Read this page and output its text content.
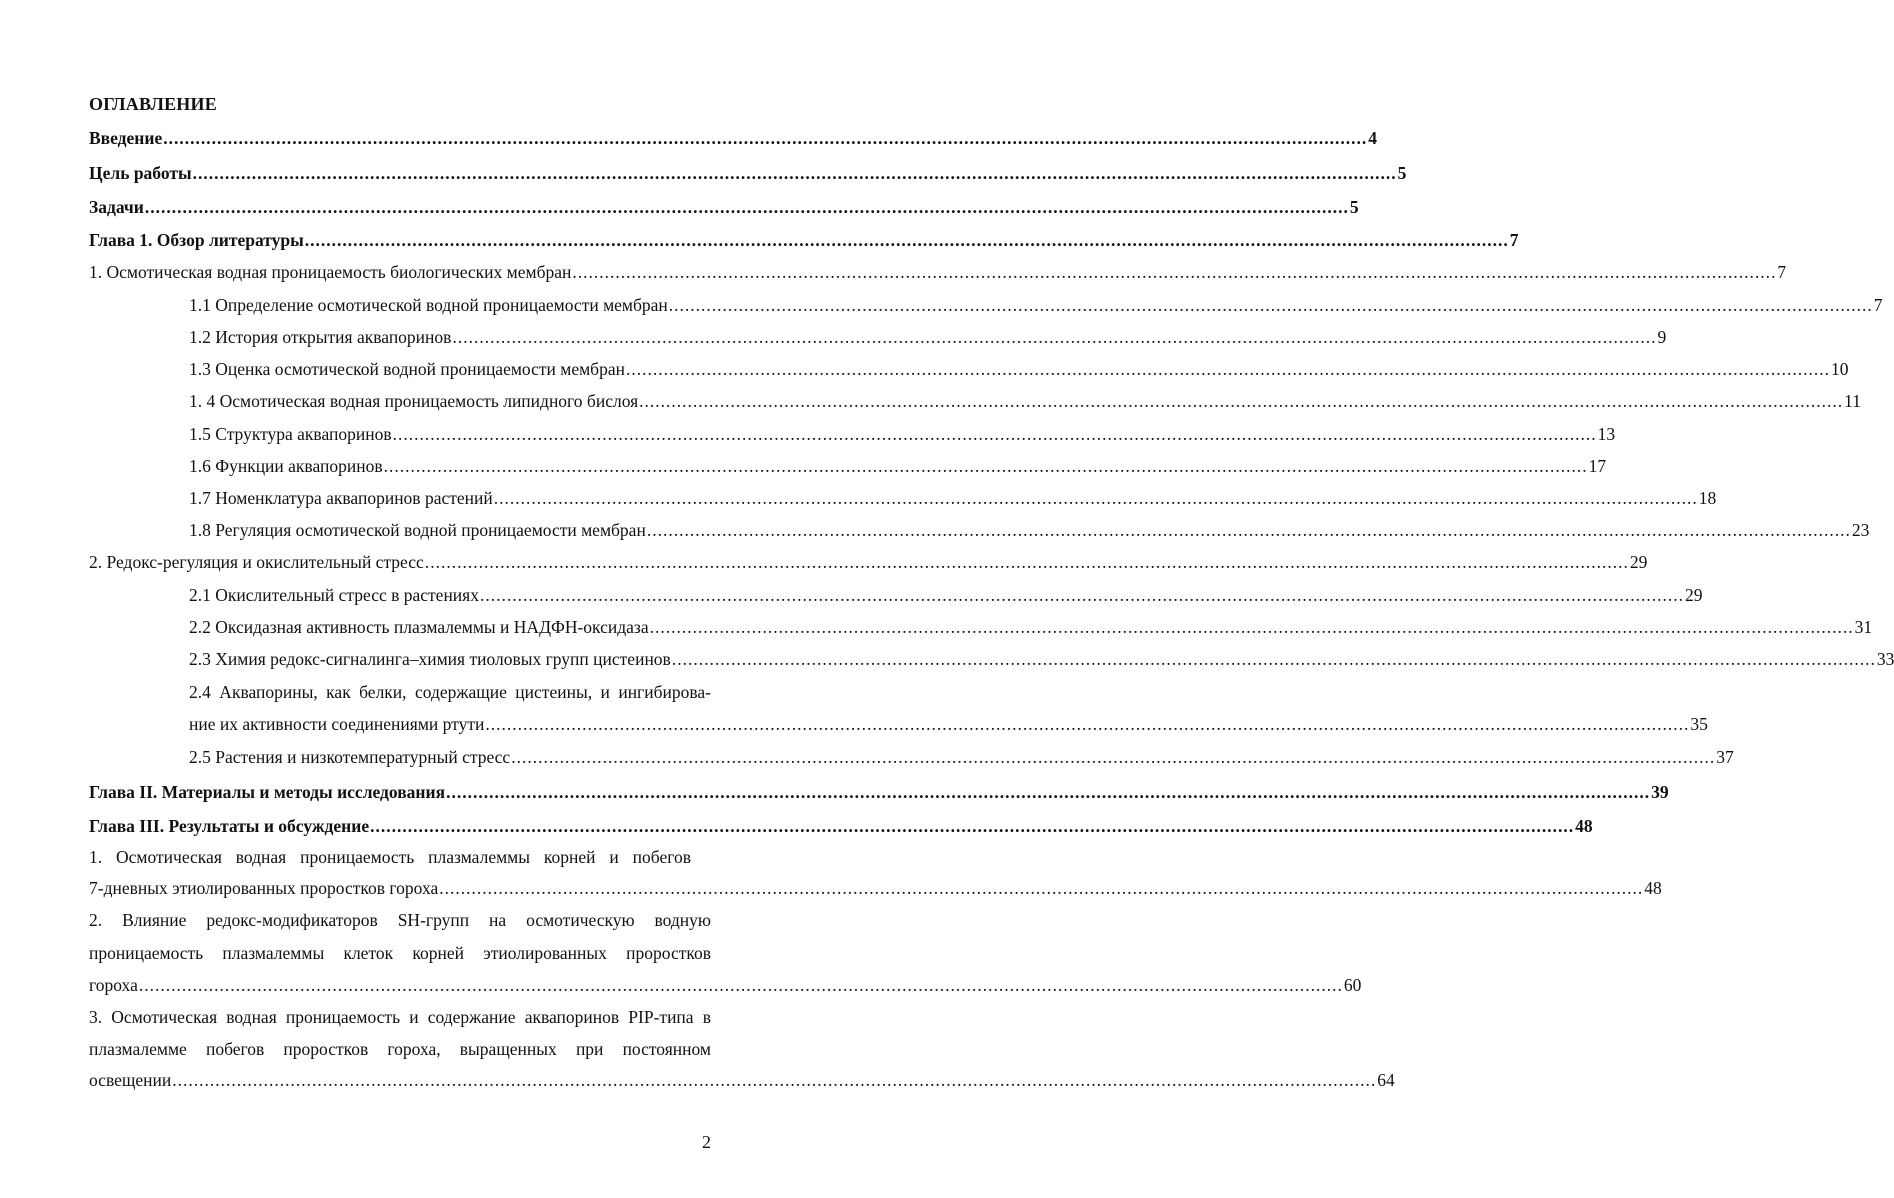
ОГЛАВЛЕНИЕ
Введение ................................................................................................................................................................................................................................ 4
Цель работы ................................................................................................................................................................................................................................ 5
Задачи ................................................................................................................................................................................................................................ 5
Глава 1. Обзор литературы ................................................................................................................................................................................................................................ 7
1. Осмотическая водная проницаемость биологических мембран ................................................................................................................................................................................................................................ 7
1.1 Определение осмотической водной проницаемости мембран ................................................................................................................................................................................................................................ 7
1.2 История открытия аквапоринов ................................................................................................................................................................................................................................ 9
1.3 Оценка осмотической водной проницаемости мембран ................................................................................................................................................................................................................................ 10
1. 4 Осмотическая водная проницаемость липидного бислоя ................................................................................................................................................................................................................................ 11
1.5 Структура аквапоринов ................................................................................................................................................................................................................................ 13
1.6 Функции аквапоринов ................................................................................................................................................................................................................................ 17
1.7 Номенклатура аквапоринов растений ................................................................................................................................................................................................................................ 18
1.8 Регуляция осмотической водной проницаемости мембран ................................................................................................................................................................................................................................ 23
2. Редокс-регуляция и окислительный стресс ................................................................................................................................................................................................................................ 29
2.1 Окислительный стресс в растениях ................................................................................................................................................................................................................................ 29
2.2 Оксидазная активность плазмалеммы и НАДФН-оксидаза ................................................................................................................................................................................................................................ 31
2.3 Химия редокс-сигналинга–химия тиоловых групп цистеинов ................................................................................................................................................................................................................................ 33
2.4 Аквапорины, как белки, содержащие цистеины, и ингибирова-
ние их активности соединениями ртути ................................................................................................................................................................................................................................ 35
2.5 Растения и низкотемпературный стресс ................................................................................................................................................................................................................................ 37
Глава II. Материалы и методы исследования ................................................................................................................................................................................................................................ 39
Глава III. Результаты и обсуждение ................................................................................................................................................................................................................................ 48
1. Осмотическая водная проницаемость плазмалеммы корней и побегов
7-дневных этиолированных проростков гороха ................................................................................................................................................................................................................................ 48
2. Влияние редокс-модификаторов SH-групп на осмотическую водную
проницаемость плазмалеммы клеток корней этиолированных проростков
гороха ................................................................................................................................................................................................................................ 60
3. Осмотическая водная проницаемость и содержание аквапоринов PIP-типа в
плазмалемме побегов проростков гороха, выращенных при постоянном
освещении ................................................................................................................................................................................................................................ 64
2
